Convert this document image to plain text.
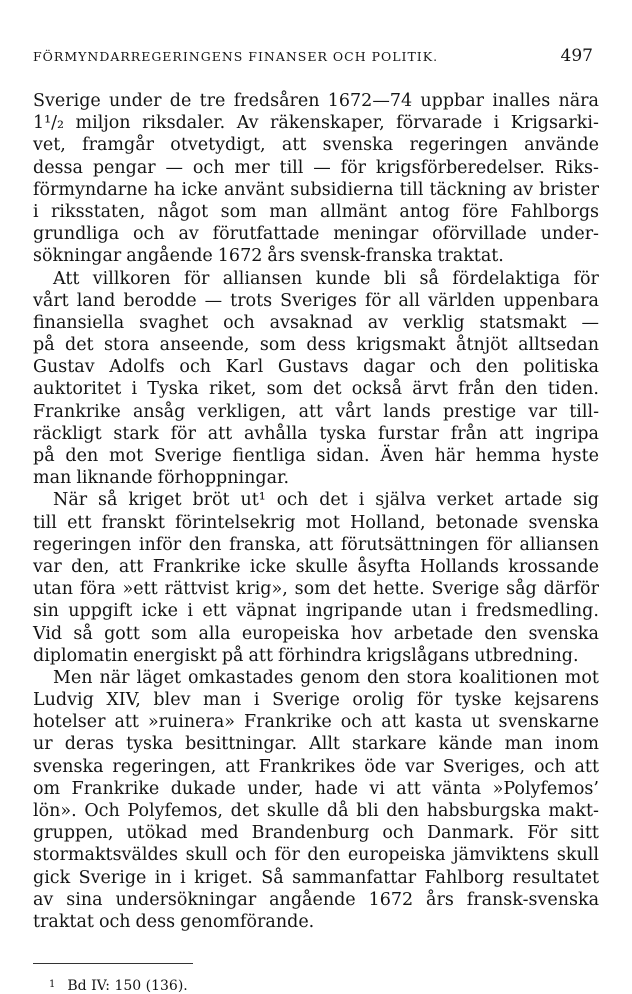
FÖRMYNDARREGERINGENS FINANSER OCH POLITIK.	497
Sverige under de tre fredsåren 1672—74 uppbar inalles nära
1¹/₂ miljon riksdaler. Av räkenskaper, förvarade i Krigsarki-
vet, framgår otvetydigt, att svenska regeringen använde
dessa pengar — och mer till — för krigsförberedelser. Riks-
förmyndarne ha icke använt subsidierna till täckning av brister
i riksstaten, något som man allmänt antog före Fahlborgs
grundliga och av förutfattade meningar oförvillade under-
sökningar angående 1672 års svensk-franska traktat.
Att villkoren för alliansen kunde bli så fördelaktiga för
vårt land berodde — trots Sveriges för all världen uppenbara
finansiella svaghet och avsaknad av verklig statsmakt —
på det stora anseende, som dess krigsmakt åtnjöt alltsedan
Gustav Adolfs och Karl Gustavs dagar och den politiska
auktoritet i Tyska riket, som det också ärvt från den tiden.
Frankrike ansåg verkligen, att vårt lands prestige var till-
räckligt stark för att avhålla tyska furstar från att ingripa
på den mot Sverige fientliga sidan. Även här hemma hyste
man liknande förhoppningar.
När så kriget bröt ut¹ och det i själva verket artade sig
till ett franskt förintelsekrig mot Holland, betonade svenska
regeringen inför den franska, att förutsättningen för alliansen
var den, att Frankrike icke skulle åsyfta Hollands krossande
utan föra »ett rättvist krig», som det hette. Sverige såg därför
sin uppgift icke i ett väpnat ingripande utan i fredsmedling.
Vid så gott som alla europeiska hov arbetade den svenska
diplomatin energiskt på att förhindra krigslågans utbredning.
Men när läget omkastades genom den stora koalitionen mot
Ludvig XIV, blev man i Sverige orolig för tyske kejsarens
hotelser att »ruinera» Frankrike och att kasta ut svenskarne
ur deras tyska besittningar. Allt starkare kände man inom
svenska regeringen, att Frankrikes öde var Sveriges, och att
om Frankrike dukade under, hade vi att vänta »Polyfemos’
lön». Och Polyfemos, det skulle då bli den habsburgska makt-
gruppen, utökad med Brandenburg och Danmark. För sitt
stormaktsväldes skull och för den europeiska jämviktens skull
gick Sverige in i kriget. Så sammanfattar Fahlborg resultatet
av sina undersökningar angående 1672 års fransk-svenska
traktat och dess genomförande.
1 Bd IV: 150 (136).
